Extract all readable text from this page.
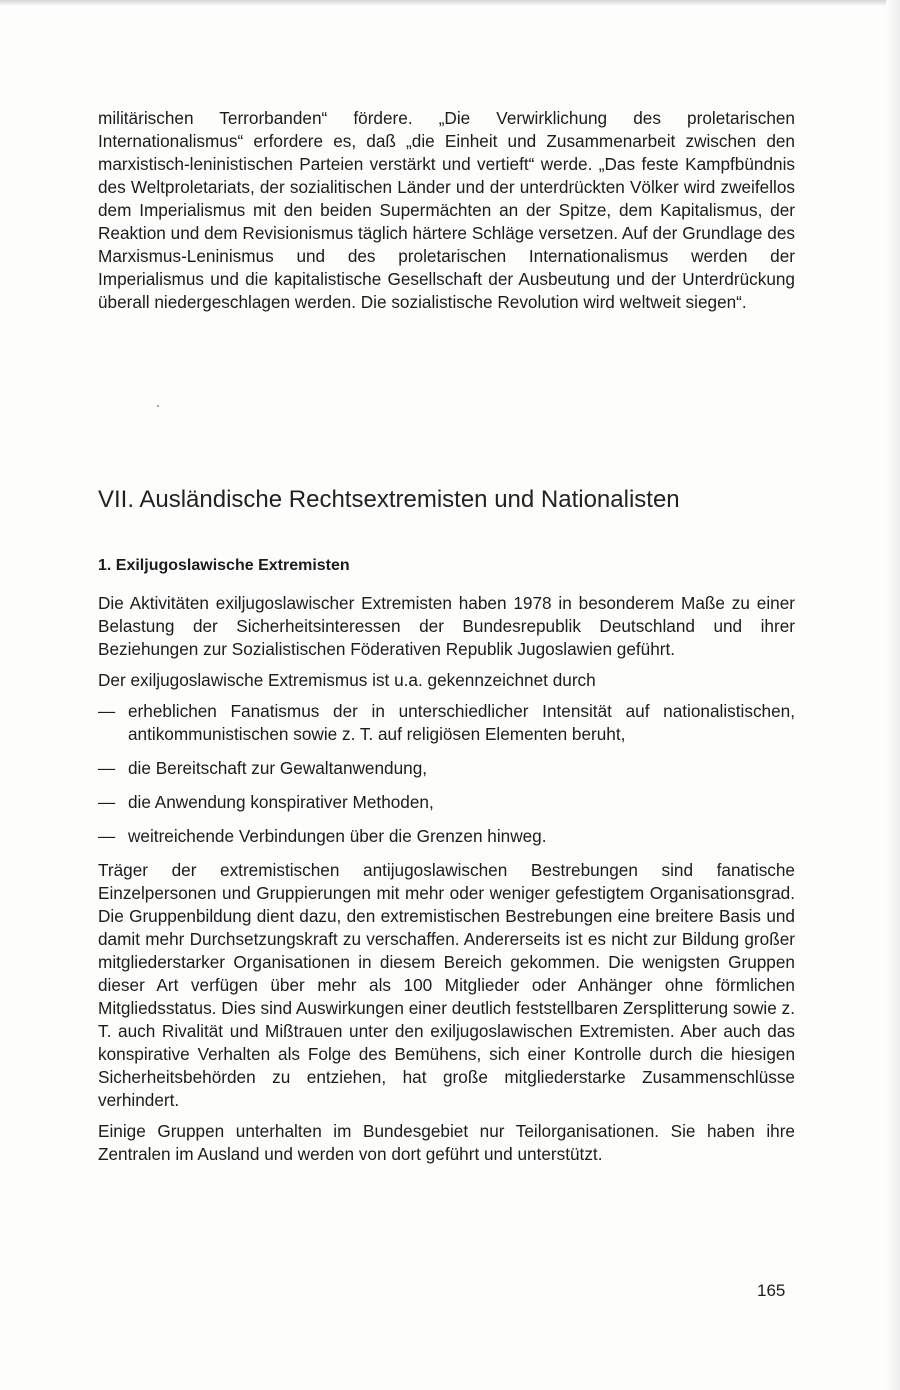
militärischen Terrorbanden“ fördere. „Die Verwirklichung des proletarischen Internationalismus“ erfordere es, daß „die Einheit und Zusammenarbeit zwischen den marxistisch-leninistischen Parteien verstärkt und vertieft“ werde. „Das feste Kampfbündnis des Weltproletariats, der sozialitischen Länder und der unterdrückten Völker wird zweifellos dem Imperialismus mit den beiden Supermächten an der Spitze, dem Kapitalismus, der Reaktion und dem Revisionismus täglich härtere Schläge versetzen. Auf der Grundlage des Marxismus-Leninismus und des proletarischen Internationalismus werden der Imperialismus und die kapitalistische Gesellschaft der Ausbeutung und der Unterdrückung überall niedergeschlagen werden. Die sozialistische Revolution wird weltweit siegen“.

VII. Ausländische Rechtsextremisten und Nationalisten
1. Exiljugoslawische Extremisten

Die Aktivitäten exiljugoslawischer Extremisten haben 1978 in besonderem Maße zu einer Belastung der Sicherheitsinteressen der Bundesrepublik Deutschland und ihrer Beziehungen zur Sozialistischen Föderativen Republik Jugoslawien geführt.

Der exiljugoslawische Extremismus ist u.a. gekennzeichnet durch

— erheblichen Fanatismus der in unterschiedlicher Intensität auf nationalistischen, antikommunistischen sowie z. T. auf religiösen Elementen beruht,
— die Bereitschaft zur Gewaltanwendung,
— die Anwendung konspirativer Methoden,
— weitreichende Verbindungen über die Grenzen hinweg.

Träger der extremistischen antijugoslawischen Bestrebungen sind fanatische Einzelpersonen und Gruppierungen mit mehr oder weniger gefestigtem Organisationsgrad. Die Gruppenbildung dient dazu, den extremistischen Bestrebungen eine breitere Basis und damit mehr Durchsetzungskraft zu verschaffen. Andererseits ist es nicht zur Bildung großer mitgliederstarker Organisationen in diesem Bereich gekommen. Die wenigsten Gruppen dieser Art verfügen über mehr als 100 Mitglieder oder Anhänger ohne förmlichen Mitgliedsstatus. Dies sind Auswirkungen einer deutlich feststellbaren Zersplitterung sowie z. T. auch Rivalität und Mißtrauen unter den exiljugoslawischen Extremisten. Aber auch das konspirative Verhalten als Folge des Bemühens, sich einer Kontrolle durch die hiesigen Sicherheitsbehörden zu entziehen, hat große mitgliederstarke Zusammenschlüsse verhindert.

Einige Gruppen unterhalten im Bundesgebiet nur Teilorganisationen. Sie haben ihre Zentralen im Ausland und werden von dort geführt und unterstützt.

165
